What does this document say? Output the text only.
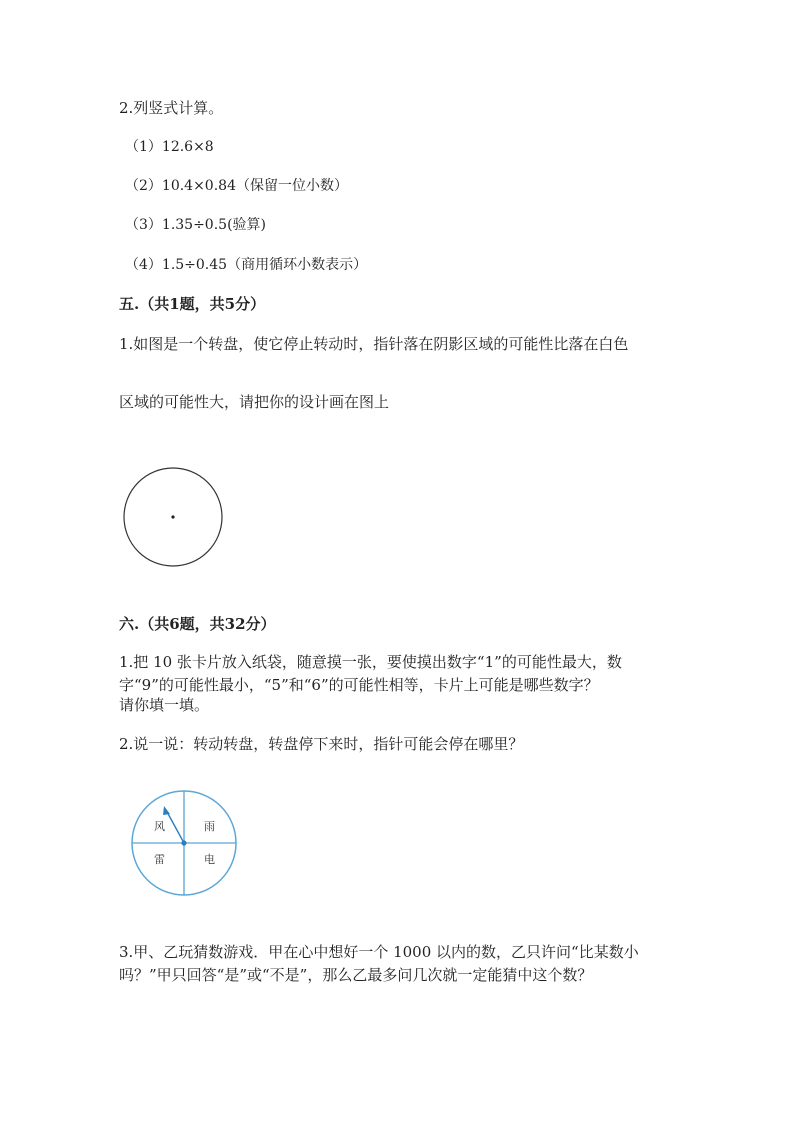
2.列竖式计算。
（1）12.6×8
（2）10.4×0.84（保留一位小数）
（3）1.35÷0.5(验算)
（4）1.5÷0.45（商用循环小数表示）
五.（共1题，共5分）
1.如图是一个转盘，使它停止转动时，指针落在阴影区域的可能性比落在白色
区域的可能性大，请把你的设计画在图上
六.（共6题，共32分）
1.把 10 张卡片放入纸袋，随意摸一张，要使摸出数字“1”的可能性最大，数
字“9”的可能性最小，“5”和“6”的可能性相等，卡片上可能是哪些数字？
请你填一填。
2.说一说：转动转盘，转盘停下来时，指针可能会停在哪里？
风	雨
雷	电
3.甲、乙玩猜数游戏．甲在心中想好一个 1000 以内的数，乙只许问“比某数小
吗？”甲只回答“是”或“不是”，那么乙最多问几次就一定能猜中这个数？
